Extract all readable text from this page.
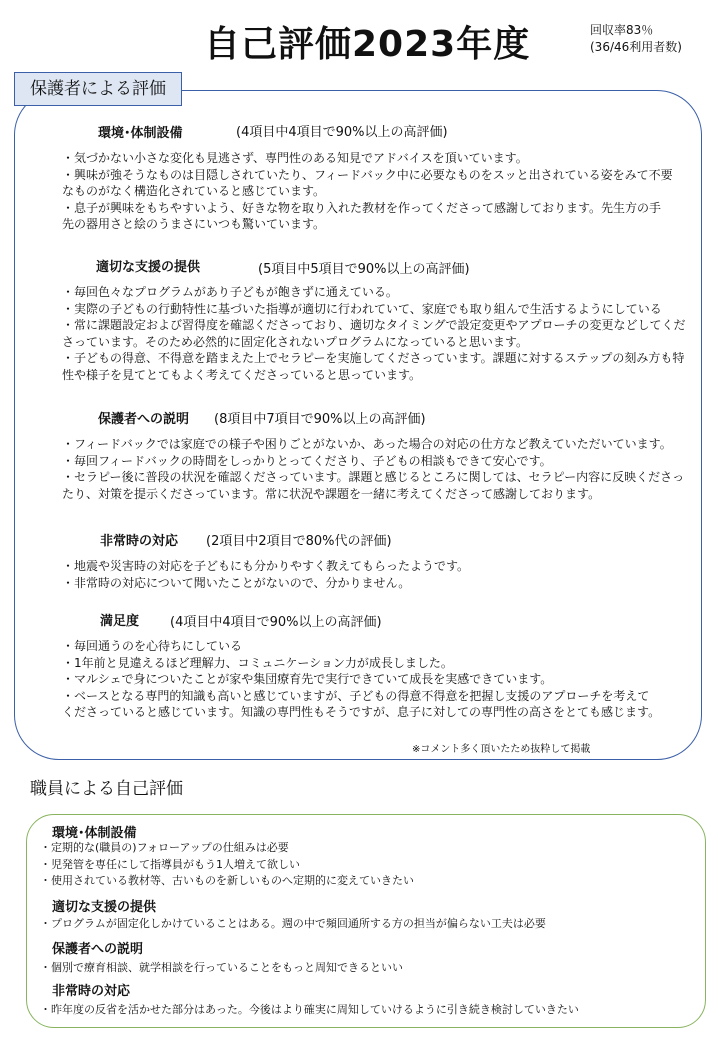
自己評価2023年度	回収率83％
(36/46利用者数)
保護者による評価
環境･体制設備	(4項目中4項目で90%以上の高評価)
・気づかない小さな変化も見逃さず、専門性のある知見でアドバイスを頂いています。
・興味が強そうなものは目隠しされていたり、フィードバック中に必要なものをスッと出されている姿をみて不要
なものがなく構造化されていると感じています。
・息子が興味をもちやすいよう、好きな物を取り入れた教材を作ってくださって感謝しております。先生方の手
先の器用さと絵のうまさにいつも驚いています。
適切な支援の提供	(5項目中5項目で90%以上の高評価)
・毎回色々なプログラムがあり子どもが飽きずに通えている。
・実際の子どもの行動特性に基づいた指導が適切に行われていて、家庭でも取り組んで生活するようにしている
・常に課題設定および習得度を確認くださっており、適切なタイミングで設定変更やアプローチの変更などしてくだ
さっています。そのため必然的に固定化されないプログラムになっていると思います。
・子どもの得意、不得意を踏まえた上でセラピーを実施してくださっています。課題に対するステップの刻み方も特
性や様子を見てとてもよく考えてくださっていると思っています。
保護者への説明 (8項目中7項目で90%以上の高評価)
・フィードバックでは家庭での様子や困りごとがないか、あった場合の対応の仕方など教えていただいています。
・毎回フィードバックの時間をしっかりとってくださり、子どもの相談もできて安心です。
・セラピー後に普段の状況を確認くださっています。課題と感じるところに関しては、セラピー内容に反映くださっ
たり、対策を提示くださっています。常に状況や課題を一緒に考えてくださって感謝しております。
非常時の対応 (2項目中2項目で80%代の評価)
・地震や災害時の対応を子どもにも分かりやすく教えてもらったようです。
・非常時の対応について聞いたことがないので、分かりません。
満足度 (4項目中4項目で90%以上の高評価)
・毎回通うのを心待ちにしている
・1年前と見違えるほど理解力、コミュニケーション力が成長しました。
・マルシェで身についたことが家や集団療育先で実行できていて成長を実感できています。
・ベースとなる専門的知識も高いと感じていますが、子どもの得意不得意を把握し支援のアプローチを考えて
くださっていると感じています。知識の専門性もそうですが、息子に対しての専門性の高さをとても感じます。
※コメント多く頂いたため抜粋して掲載
職員による自己評価
環境･体制設備
・定期的な(職員の)フォローアップの仕組みは必要
・児発管を専任にして指導員がもう1人増えて欲しい
・使用されている教材等、古いものを新しいものへ定期的に変えていきたい
適切な支援の提供
・プログラムが固定化しかけていることはある。週の中で頻回通所する方の担当が偏らない工夫は必要
保護者への説明
・個別で療育相談、就学相談を行っていることをもっと周知できるといい
非常時の対応
・昨年度の反省を活かせた部分はあった。今後はより確実に周知していけるように引き続き検討していきたい
